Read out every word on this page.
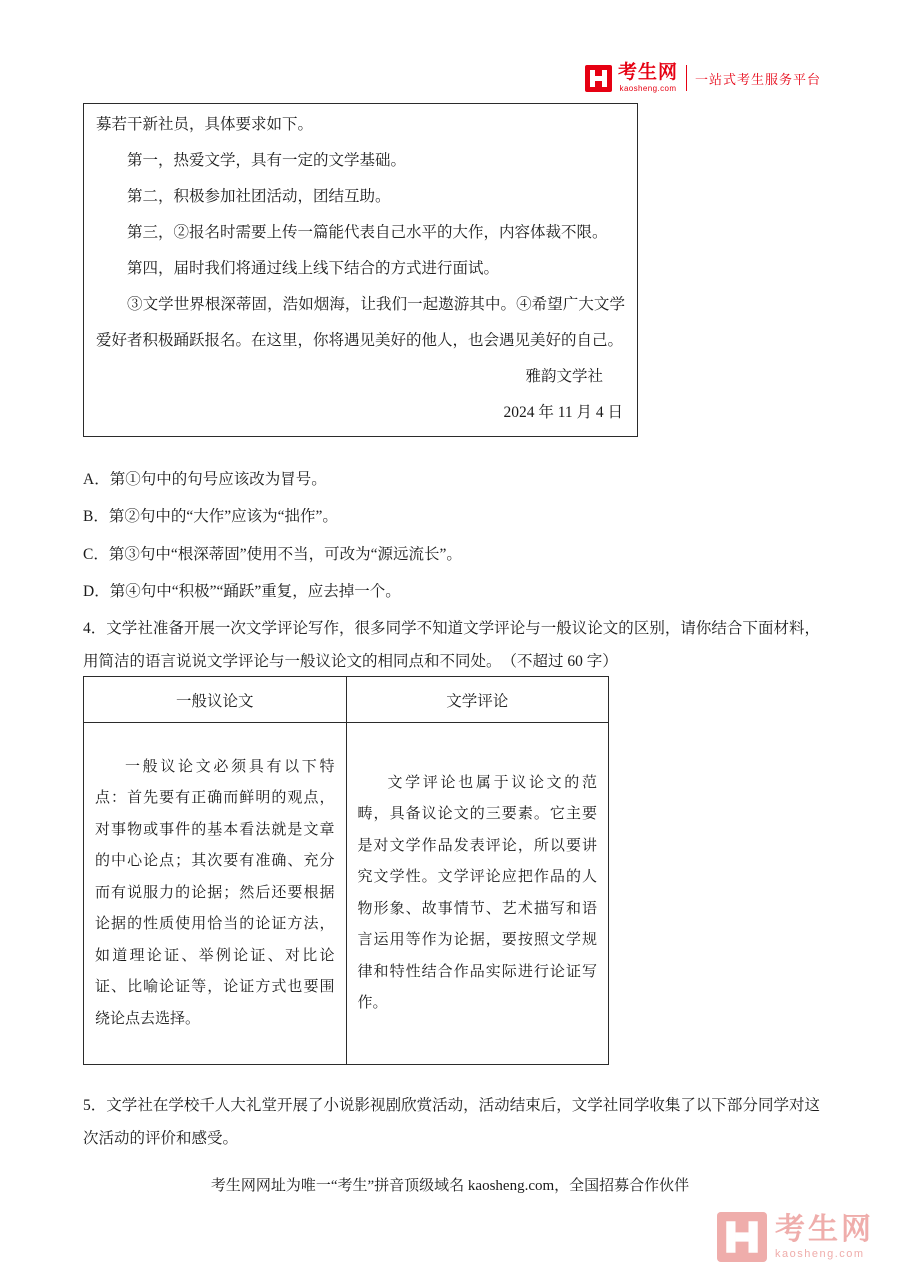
考生网
kaosheng.com
一站式考生服务平台

募若干新社员，具体要求如下。

第一，热爱文学，具有一定的文学基础。

第二，积极参加社团活动，团结互助。

第三，②报名时需要上传一篇能代表自己水平的大作，内容体裁不限。

第四，届时我们将通过线上线下结合的方式进行面试。

③文学世界根深蒂固，浩如烟海，让我们一起遨游其中。④希望广大文学爱好者积极踊跃报名。在这里，你将遇见美好的他人，也会遇见美好的自己。

雅韵文学社

2024 年 11 月 4 日

A．第①句中的句号应该改为冒号。

B．第②句中的“大作”应该为“拙作”。

C．第③句中“根深蒂固”使用不当，可改为“源远流长”。

D．第④句中“积极”“踊跃”重复，应去掉一个。

4．文学社准备开展一次文学评论写作，很多同学不知道文学评论与一般议论文的区别，请你结合下面材料，用简洁的语言说说文学评论与一般议论文的相同点和不同处。　（不超过 60 字）

一般议论文	文学评论

一般议论文必须具有以下特点：首先要有正确而鲜明的观点，对事物或事件的基本看法就是文章的中心论点；其次要有准确、充分而有说服力的论据；然后还要根据论据的性质使用恰当的论证方法，如道理论证、举例论证、对比论证、比喻论证等，论证方式也要围绕论点去选择。	文学评论也属于议论文的范畴，具备议论文的三要素。它主要是对文学作品发表评论，所以要讲究文学性。文学评论应把作品的人物形象、故事情节、艺术描写和语言运用等作为论据，要按照文学规律和特性结合作品实际进行论证写作。

5．文学社在学校千人大礼堂开展了小说影视剧欣赏活动，活动结束后，文学社同学收集了以下部分同学对这次活动的评价和感受。

考生网网址为唯一“考生”拼音顶级域名 kaosheng.com，全国招募合作伙伴

考生网
kaosheng.com
